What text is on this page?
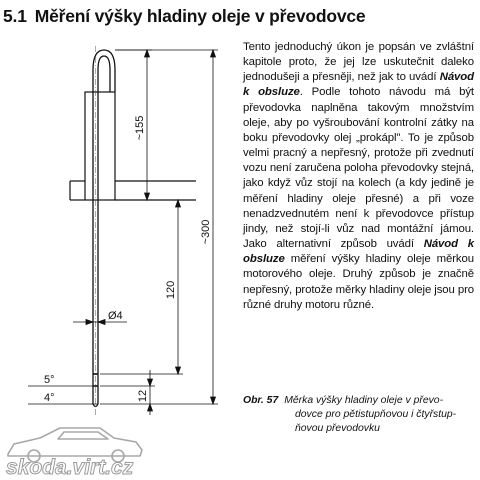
5.1 Měření výšky hladiny oleje v převodovce

Tento jednoduchý úkon je popsán ve zvláštní kapitole proto, že jej lze uskutečnit daleko jednodušeji a přesněji, než jak to uvádí Návod k obsluze. Podle tohoto návodu má být převodovka naplněna takovým množstvím oleje, aby po vyšroubování kontrolní zátky na boku převodovky olej „prokápl". To je způsob velmi pracný a nepřesný, protože při zvednutí vozu není zaručena poloha převodovky stejná, jako když vůz stojí na kolech (a kdy jedině je měření hladiny oleje přesné) a při voze nenadzvednutém není k převodovce přístup jindy, než stojí-li vůz nad montážní jámou. Jako alternativní způsob uvádí Návod k obsluze měření výšky hladiny oleje měrkou motorového oleje. Druhý způsob je značně nepřesný, protože měrky hladiny oleje jsou pro různé druhy motoru různé.

~155
~300
120
12
Ø4
5°
4°	Obr. 57 Měrka výšky hladiny oleje v převo-
dovce pro pětistupňovou i čtyřstup-
ňovou převodovku
skoda.virt.cz
